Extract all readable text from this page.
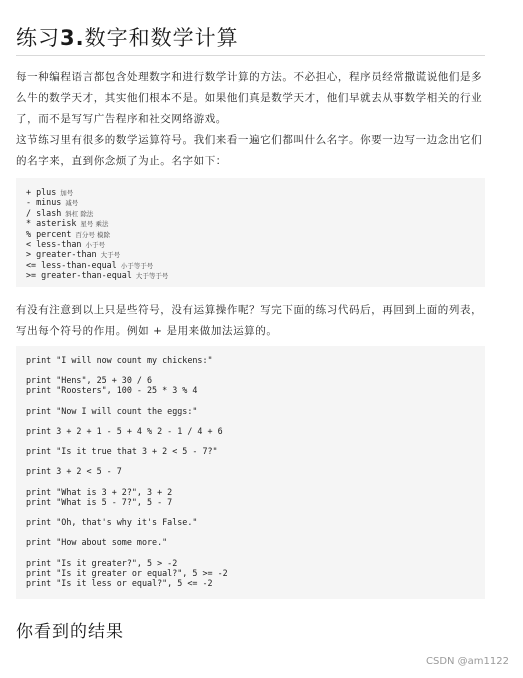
练习3.数字和数学计算
每一种编程语言都包含处理数字和进行数学计算的方法。不必担心，程序员经常撒谎说他们是多么牛的数学天才，其实他们根本不是。如果他们真是数学天才，他们早就去从事数学相关的行业了，而不是写写广告程序和社交网络游戏。
这节练习里有很多的数学运算符号。我们来看一遍它们都叫什么名字。你要一边写一边念出它们的名字来，直到你念烦了为止。名字如下：
+ plus 加号
- minus 减号
/ slash 斜杠 除法
* asterisk 星号 乘法
% percent 百分号 模除
< less-than 小于号
> greater-than 大于号
<= less-than-equal 小于等于号
>= greater-than-equal 大于等于号
有没有注意到以上只是些符号，没有运算操作呢？写完下面的练习代码后，再回到上面的列表，写出每个符号的作用。例如 + 是用来做加法运算的。
print "I will now count my chickens:"
print "Hens", 25 + 30 / 6
print "Roosters", 100 - 25 * 3 % 4
print "Now I will count the eggs:"
print 3 + 2 + 1 - 5 + 4 % 2 - 1 / 4 + 6
print "Is it true that 3 + 2 < 5 - 7?"
print 3 + 2 < 5 - 7
print "What is 3 + 2?", 3 + 2
print "What is 5 - 7?", 5 - 7
print "Oh, that's why it's False."
print "How about some more."
print "Is it greater?", 5 > -2
print "Is it greater or equal?", 5 >= -2
print "Is it less or equal?", 5 <= -2
你看到的结果
CSDN @am1122
